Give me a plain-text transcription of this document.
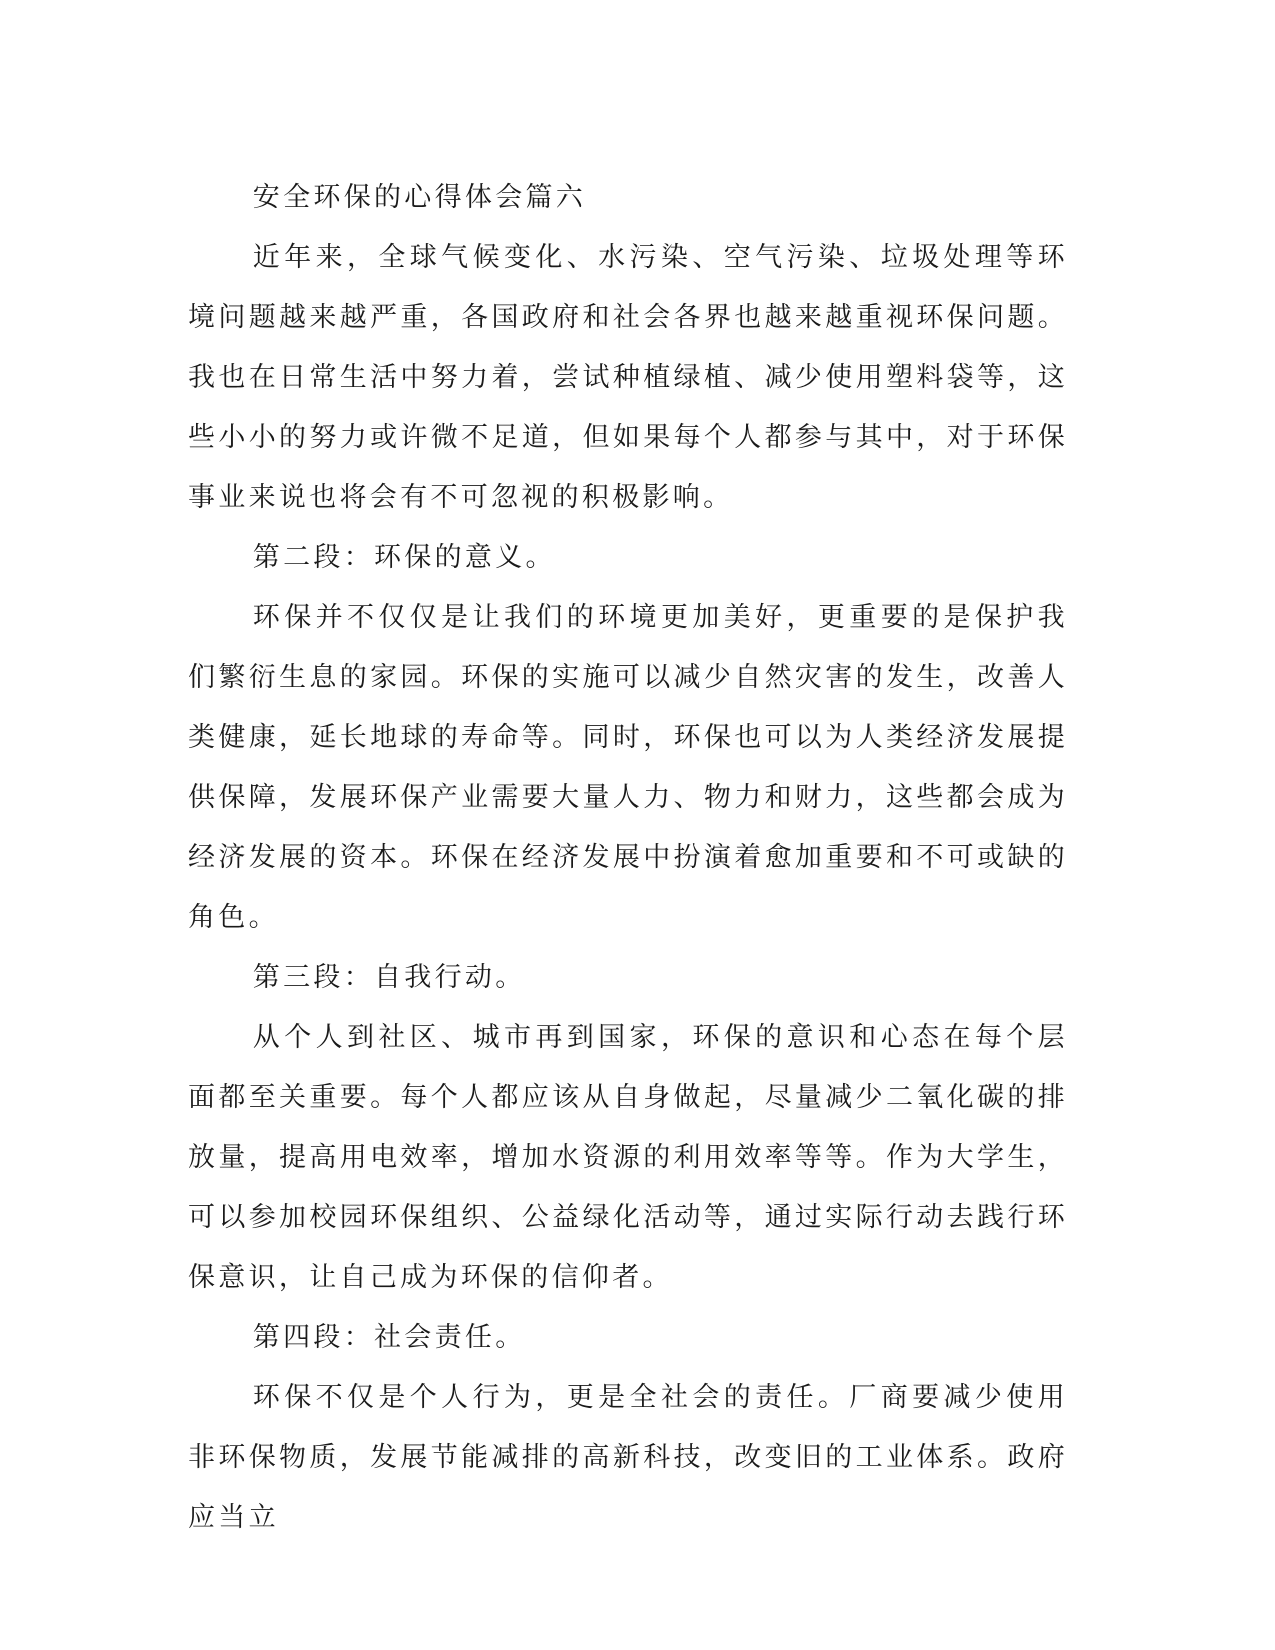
安全环保的心得体会篇六

近年来，全球气候变化、水污染、空气污染、垃圾处理等环境问题越来越严重，各国政府和社会各界也越来越重视环保问题。我也在日常生活中努力着，尝试种植绿植、减少使用塑料袋等，这些小小的努力或许微不足道，但如果每个人都参与其中，对于环保事业来说也将会有不可忽视的积极影响。

第二段：环保的意义。

环保并不仅仅是让我们的环境更加美好，更重要的是保护我们繁衍生息的家园。环保的实施可以减少自然灾害的发生，改善人类健康，延长地球的寿命等。同时，环保也可以为人类经济发展提供保障，发展环保产业需要大量人力、物力和财力，这些都会成为经济发展的资本。环保在经济发展中扮演着愈加重要和不可或缺的角色。

第三段：自我行动。

从个人到社区、城市再到国家，环保的意识和心态在每个层面都至关重要。每个人都应该从自身做起，尽量减少二氧化碳的排放量，提高用电效率，增加水资源的利用效率等等。作为大学生，可以参加校园环保组织、公益绿化活动等，通过实际行动去践行环保意识，让自己成为环保的信仰者。

第四段：社会责任。

环保不仅是个人行为，更是全社会的责任。厂商要减少使用非环保物质，发展节能减排的高新科技，改变旧的工业体系。政府应当立
